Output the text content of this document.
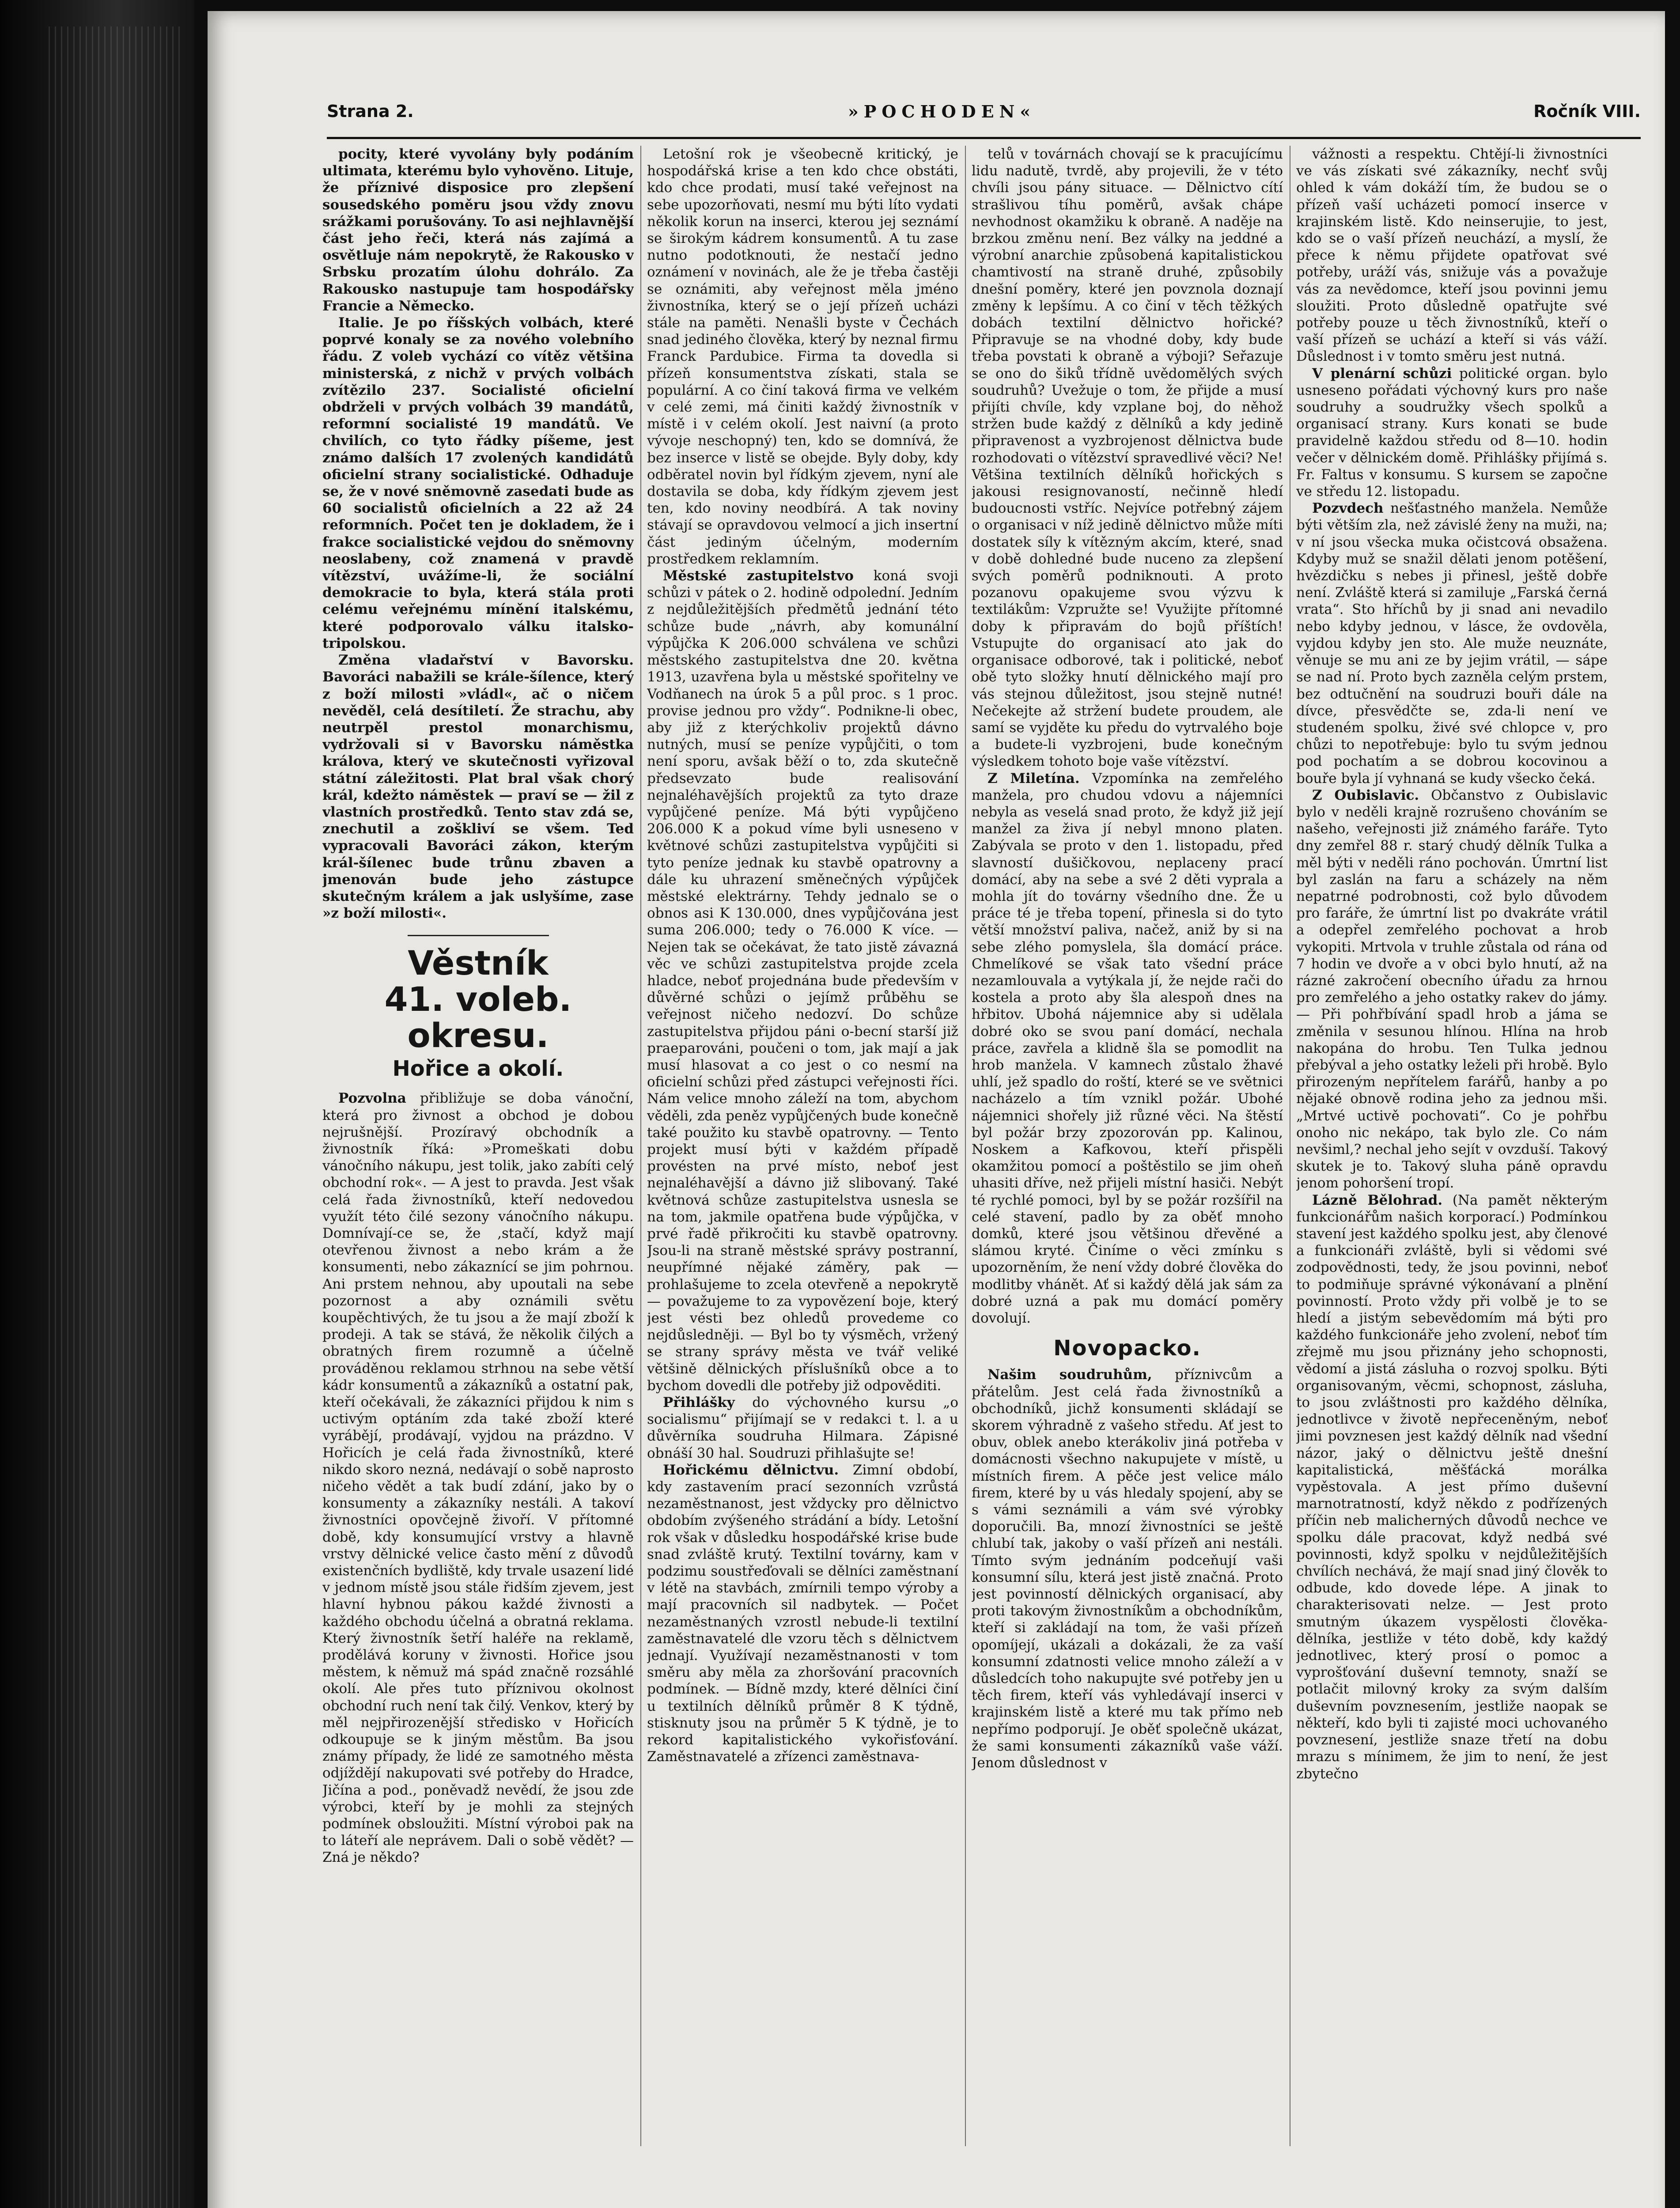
Strana 2.	»POCHODEN«	Ročník VIII.

pocity, které vyvolány byly podáním ultimata, kterému bylo vyhověno. Lituje, že příznivé disposice pro zlepšení sousedského poměru jsou vždy znovu srážkami porušovány. To asi nejhlavnější část jeho řeči, která nás zajímá a osvětluje nám nepokrytě, že Rakousko v Srbsku prozatím úlohu dohrálo. Za Rakousko nastupuje tam hospodářsky Francie a Německo.

Italie. Je po říšských volbách, které poprvé konaly se za nového volebního řádu. Z voleb vychází co vítěz většina ministerská, z nichž v prvých volbách zvítězilo 237. Socialisté oficielní obdrželi v prvých volbách 39 mandátů, reformní socialisté 19 mandátů. Ve chvilích, co tyto řádky píšeme, jest známo dalších 17 zvolených kandidátů oficielní strany socialistické. Odhaduje se, že v nové sněmovně zasedati bude as 60 socialistů oficielních a 22 až 24 reformních. Počet ten je dokladem, že i frakce socialistické vejdou do sněmovny neoslabeny, což znamená v pravdě vítězství, uvážíme-li, že sociální demokracie to byla, která stála proti celému veřejnému mínění italskému, které podporovalo válku italsko-tripolskou.

Změna vladařství v Bavorsku. Bavoráci nabažili se krále-šílence, který z boží milosti »vládl«, ač o ničem nevěděl, celá desítiletí. Že strachu, aby neutrpěl prestol monarchismu, vydržovali si v Bavorsku náměstka králova, který ve skutečnosti vyřizoval státní záležitosti. Plat bral však chorý král, kdežto náměstek — praví se — žil z vlastních prostředků. Tento stav zdá se, znechutil a zoškliví se všem. Teď vypracovali Bavoráci zákon, kterým král-šílenec bude trůnu zbaven a jmenován bude jeho zástupce skutečným králem a jak uslyšíme, zase »z boží milosti«.

Věstník
41. voleb. okresu.
Hořice a okolí.

Pozvolna přibližuje se doba vánoční, která pro živnost a obchod je dobou nejrušnější. Prozíravý obchodník a živnostník říká: »Promeškati dobu vánočního nákupu, jest tolik, jako zabíti celý obchodní rok«. — A jest to pravda. Jest však celá řada živnostníků, kteří nedovedou využít této čilé sezony vánočního nákupu. Domnívají-ce se, že ,stačí, když mají otevřenou živnost a nebo krám a že konsumenti, nebo zákaznící se jim pohrnou. Ani prstem nehnou, aby upoutali na sebe pozornost a aby oznámili světu koupěchtivých, že tu jsou a že mají zboží k prodeji. A tak se stává, že několik čilých a obratných firem rozumně a účelně prováděnou reklamou strhnou na sebe větší kádr konsumentů a zákazníků a ostatní pak, kteří očekávali, že zákazníci přijdou k nim s uctivým optáním zda také zboží které vyrábějí, prodávají, vyjdou na prázdno. V Hořicích je celá řada živnostníků, které nikdo skoro nezná, nedávají o sobě naprosto ničeho vědět a tak budí zdání, jako by o konsumenty a zákazníky nestáli. A takoví živnostníci opovčejně živoří. V přítomné době, kdy konsumující vrstvy a hlavně vrstvy dělnické velice často mění z důvodů existenčních bydliště, kdy trvale usazení lidé v jednom místě jsou stále řidším zjevem, jest hlavní hybnou pákou každé živnosti a každého obchodu účelná a obratná reklama. Který živnostník šetří haléře na reklamě, prodělává koruny v živnosti. Hořice jsou městem, k němuž má spád značně rozsáhlé okolí. Ale přes tuto příznivou okolnost obchodní ruch není tak čilý. Venkov, který by měl nejpřirozenější středisko v Hořicích odkoupuje se k jiným městům. Ba jsou známy případy, že lidé ze samotného města odjíždějí nakupovati své potřeby do Hradce, Jičína a pod., poněvadž nevědí, že jsou zde výrobci, kteří by je mohli za stejných podmínek obsloužiti. Místní výroboi pak na to láteří ale neprávem. Dali o sobě vědět? — Zná je někdo?

Letošní rok je všeobecně kritický, je hospodářská krise a ten kdo chce obstáti, kdo chce prodati, musí také veřejnost na sebe upozorňovati, nesmí mu býti líto vydati několik korun na inserci, kterou jej seznámí se širokým kádrem konsumentů. A tu zase nutno podotknouti, že nestačí jedno oznámení v novinách, ale že je třeba častěji se oznámiti, aby veřejnost měla jméno živnostníka, který se o její přízeň ucházi stále na paměti. Nenašli byste v Čechách snad jediného člověka, který by neznal firmu Franck Pardubice. Firma ta dovedla si přízeň konsumentstva získati, stala se populární. A co činí taková firma ve velkém v celé zemi, má činiti každý živnostník v místě i v celém okolí. Jest naivní (a proto vývoje neschopný) ten, kdo se domnívá, že bez inserce v listě se obejde. Byly doby, kdy odběratel novin byl řídkým zjevem, nyní ale dostavila se doba, kdy řídkým zjevem jest ten, kdo noviny neodbírá. A tak noviny stávají se opravdovou velmocí a jich insertní část jediným účelným, moderním prostředkem reklamním.

Městské zastupitelstvo koná svoji schůzi v pátek o 2. hodině odpolední. Jedním z nejdůležitějších předmětů jednání této schůze bude „návrh, aby komunální výpůjčka K 206.000 schválena ve schůzi městského zastupitelstva dne 20. května 1913, uzavřena byla u městské spořitelny ve Vodňanech na úrok 5 a půl proc. s 1 proc. provise jednou pro vždy“. Podnikne-li obec, aby již z kterýchkoliv projektů dávno nutných, musí se peníze vypůjčiti, o tom není sporu, avšak běží o to, zda skutečně předsevzato bude realisování nejnaléhavějších projektů za tyto draze vypůjčené peníze. Má býti vypůjčeno 206.000 K a pokud víme byli usneseno v květnové schůzi zastupitelstva vypůjčiti si tyto peníze jednak ku stavbě opatrovny a dále ku uhrazení směnečných výpůjček městské elektrárny. Tehdy jednalo se o obnos asi K 130.000, dnes vypůjčována jest suma 206.000; tedy o 76.000 K více. — Nejen tak se očekávat, že tato jistě závazná věc ve schůzi zastupitelstva projde zcela hladce, neboť projednána bude především v důvěrné schůzi o jejímž průběhu se veřejnost ničeho nedozví. Do schůze zastupitelstva přijdou páni o-becní starší již praeparováni, poučeni o tom, jak mají a jak musí hlasovat a co jest o co nesmí na oficielní schůzi před zástupci veřejnosti říci. Nám velice mnoho záleží na tom, abychom věděli, zda peněz vypůjčených bude konečně také použito ku stavbě opatrovny. — Tento projekt musí býti v každém případě provésten na prvé místo, neboť jest nejnaléhavější a dávno již slibovaný. Také květnová schůze zastupitelstva usnesla se na tom, jakmile opatřena bude výpůjčka, v prvé řadě přikročiti ku stavbě opatrovny. Jsou-li na straně městské správy postranní, neupřímné nějaké záměry, pak — prohlašujeme to zcela otevřeně a nepokrytě — považujeme to za vypovězení boje, který jest vésti bez ohledů provedeme co nejdůsledněji. — Byl bo ty výsměch, vržený se strany správy města ve tvář veliké většině dělnických příslušníků obce a to bychom dovedli dle potřeby již odpověditi.

Přihlášky do výchovného kursu „o socialismu“ přijímají se v redakci t. l. a u důvěrníka soudruha Hilmara. Zápisné obnáší 30 hal. Soudruzi přihlašujte se!

Hořickému dělnictvu. Zimní období, kdy zastavením prací sezonních vzrůstá nezaměstnanost, jest vždycky pro dělnictvo obdobím zvýšeného strádání a bídy. Letošní rok však v důsledku hospodářské krise bude snad zvláště krutý. Textilní továrny, kam v podzimu soustřeďovali se dělníci zaměstnaní v létě na stavbách, zmírnili tempo výroby a mají pracovních sil nadbytek. — Počet nezaměstnaných vzrostl nebude-li textilní zaměstnavatelé dle vzoru těch s dělnictvem jednají. Využívají nezaměstnanosti v tom směru aby měla za zhoršování pracovních podmínek. — Bídně mzdy, které dělníci činí u textilních dělníků průměr 8 K týdně, stisknuty jsou na průměr 5 K týdně, je to rekord kapitalistického vykořisťování. Zaměstnavatelé a zřízenci zaměstnava-

telů v továrnách chovají se k pracujícímu lidu nadutě, tvrdě, aby projevili, že v této chvíli jsou pány situace. — Dělnictvo cítí strašlivou tíhu poměrů, avšak chápe nevhodnost okamžiku k obraně. A naděje na brzkou změnu není. Bez války na jeddné a výrobní anarchie způsobená kapitalistickou chamtivostí na straně druhé, způsobily dnešní poměry, které jen povznola doznají změny k lepšímu. A co činí v těch těžkých dobách textilní dělnictvo hořické? Připravuje se na vhodné doby, kdy bude třeba povstati k obraně a výboji? Seřazuje se ono do šiků třídně uvědomělých svých soudruhů? Uvežuje o tom, že přijde a musí přijíti chvíle, kdy vzplane boj, do něhož stržen bude každý z dělníků a kdy jedině připravenost a vyzbrojenost dělnictva bude rozhodovati o vítězství spravedlivé věci? Ne! Většina textilních dělníků hořických s jakousi resignovaností, nečinně hledí budoucnosti vstříc. Nejvíce potřebný zájem o organisaci v níž jedině dělnictvo může míti dostatek síly k vítězným akcím, které, snad v době dohledné bude nuceno za zlepšení svých poměrů podniknouti. A proto pozanovu opakujeme svou výzvu k textilákům: Vzpružte se! Využijte přítomné doby k připravám do bojů příštích! Vstupujte do organisací ato jak do organisace odborové, tak i politické, neboť obě tyto složky hnutí dělnického mají pro vás stejnou důležitost, jsou stejně nutné! Nečekejte až stržení budete proudem, ale samí se vyjděte ku předu do vytrvalého boje a budete-li vyzbrojeni, bude konečným výsledkem tohoto boje vaše vítězství.

Z Miletína. Vzpomínka na zemřelého manžela, pro chudou vdovu a nájemníci nebyla as veselá snad proto, že když již její manžel za živa jí nebyl mnono platen. Zabývala se proto v den 1. listopadu, před slavností dušičkovou, neplaceny prací domácí, aby na sebe a své 2 děti vyprala a mohla jít do továrny všedního dne. Že u práce té je třeba topení, přinesla si do tyto větší množství paliva, načež, aniž by si na sebe zlého pomyslela, šla domácí práce. Chmelíkové se však tato všední práce nezamlouvala a vytýkala jí, že nejde rači do kostela a proto aby šla alespoň dnes na hřbitov. Ubohá nájemnice aby si udělala dobré oko se svou paní domácí, nechala práce, zavřela a klidně šla se pomodlit na hrob manžela. V kamnech zůstalo žhavé uhlí, jež spadlo do roští, které se ve světnici nacházelo a tím vznikl požár. Ubohé nájemnici shořely již různé věci. Na štěstí byl požár brzy zpozorován pp. Kalinou, Noskem a Kafkovou, kteří přispěli okamžitou pomocí a poštěstilo se jim oheň uhasiti dříve, než přijeli místní hasiči. Nebýt té rychlé pomoci, byl by se požár rozšířil na celé stavení, padlo by za oběť mnoho domků, které jsou většinou dřevěné a slámou kryté. Činíme o věci zmínku s upozorněním, že není vždy dobré člověka do modlitby vhánět. Ať si každý dělá jak sám za dobré uzná a pak mu domácí poměry dovolují.

Novopacko.

Našim soudruhům, příznivcům a přátelům. Jest celá řada živnostníků a obchodníků, jichž konsumenti skládají se skorem výhradně z vašeho středu. Ať jest to obuv, oblek anebo kterákoliv jiná potřeba v domácnosti všechno nakupujete v místě, u místních firem. A pěče jest velice málo firem, které by u vás hledaly spojení, aby se s vámi seznámili a vám své výrobky doporučili. Ba, mnozí živnostníci se ještě chlubí tak, jakoby o vaší přízeň ani nestáli. Tímto svým jednáním podceňují vaši konsumní sílu, která jest jistě značná. Proto jest povinností dělnických organisací, aby proti takovým živnostníkům a obchodníkům, kteří si zakládají na tom, že vaši přízeň opomíjejí, ukázali a dokázali, že za vaší konsumní zdatnosti velice mnoho záleží a v důsledcích toho nakupujte své potřeby jen u těch firem, kteří vás vyhledávají inserci v krajinském listě a které mu tak přímo neb nepřímo podporují. Je oběť společně ukázat, že sami konsumenti zákazníků vaše váží. Jenom důslednost v

vážnosti a respektu. Chtějí-li živnostníci ve vás získati své zákazníky, nechť svůj ohled k vám dokáží tím, že budou se o přízeň vaší ucházeti pomocí inserce v krajinském listě. Kdo neinserujie, to jest, kdo se o vaší přízeň neuchází, a myslí, že přece k němu přijdete opatřovat své potřeby, uráží vás, snižuje vás a považuje vás za nevědomce, kteří jsou povinni jemu sloužiti. Proto důsledně opatřujte své potřeby pouze u těch živnostníků, kteří o vaší přízeň se uchází a kteří si vás váží. Důslednost i v tomto směru jest nutná.

V plenární schůzi politické organ. bylo usneseno pořádati výchovný kurs pro naše soudruhy a soudružky všech spolků a organisací strany. Kurs konati se bude pravidelně každou středu od 8—10. hodin večer v dělnickém domě. Přihlášky přijímá s. Fr. Faltus v konsumu. S kursem se započne ve středu 12. listopadu.

Pozvdech nešťastného manžela. Nemůže býti větším zla, než závislé ženy na muži, na; v ní jsou všecka muka očistcová obsažena. Kdyby muž se snažil dělati jenom potěšení, hvězdičku s nebes ji přinesl, ještě dobře není. Zvláště která si zamiluje „Farská černá vrata“. Sto hříchů by ji snad ani nevadilo nebo kdyby jednou, v lásce, že ovdověla, vyjdou kdyby jen sto. Ale muže neuznáte, věnuje se mu ani ze by jejim vrátil, — sápe se nad ní. Proto bych zazněla celým prstem, bez odtučnění na soudruzi bouři dále na dívce, přesvědčte se, zda-li není ve studeném spolku, živé své chlopce v, pro chůzi to nepotřebuje: bylo tu svým jednou pod pochatím a se dobrou kocovinou a bouře byla jí vyhnaná se kudy všecko čeká.

Z Oubislavic. Občanstvo z Oubislavic bylo v neděli krajně rozrušeno chováním se našeho, veřejnosti již známého faráře. Tyto dny zemřel 88 r. starý chudý dělník Tulka a měl býti v neděli ráno pochován. Úmrtní list byl zaslán na faru a scházely na něm nepatrné podrobnosti, což bylo důvodem pro faráře, že úmrtní list po dvakráte vrátil a odepřel zemřelého pochovat a hrob vykopiti. Mrtvola v truhle zůstala od rána od 7 hodin ve dvoře a v obci bylo hnutí, až na rázné zakročení obecního úřadu za hrnou pro zemřelého a jeho ostatky rakev do jámy. — Při pohřbívání spadl hrob a jáma se změnila v sesunou hlínou. Hlína na hrob nakopána do hrobu. Ten Tulka jednou přebýval a jeho ostatky leželi při hrobě. Bylo přirozeným nepřítelem farářů, hanby a po nějaké obnově rodina jeho za jednou mši. „Mrtvé uctivě pochovati“. Co je pohřbu onoho nic nekápo, tak bylo zle. Co nám nevšiml,? nechal jeho sejít v ovzduší. Takový skutek je to. Takový sluha páně opravdu jenom pohoršení tropí.

Lázně Bělohrad. (Na pamět některým funkcionářům našich korporací.) Podmínkou stavení jest každého spolku jest, aby členové a funkcionáři zvláště, byli si vědomi své zodpovědnosti, tedy, že jsou povinni, neboť to podmiňuje správné výkonávaní a plnění povinností. Proto vždy při volbě je to se hledí a jistým sebevědomím má býti pro každého funkcionáře jeho zvolení, neboť tím zřejmě mu jsou přiznány jeho schopnosti, vědomí a jistá zásluha o rozvoj spolku. Býti organisovaným, věcmi, schopnost, zásluha, to jsou zvláštnosti pro každého dělníka, jednotlivce v životě nepřeceněným, neboť jimi povznesen jest každý dělník nad všední názor, jaký o dělnictvu ještě dnešní kapitalistická, měšťácká morálka vypěstovala. A jest přímo duševní marnotratností, když někdo z podřízených příčin neb malicherných důvodů nechce ve spolku dále pracovat, když nedbá své povinnosti, když spolku v nejdůležitějších chvílích nechává, že mají snad jiný člověk to odbude, kdo dovede lépe. A jinak to charakterisovati nelze. — Jest proto smutným úkazem vyspělosti člověka-dělníka, jestliže v této době, kdy každý jednotlivec, který prosí o pomoc a vyprošťování duševní temnoty, snaží se potlačit milovný kroky za svým dalším duševním povznesením, jestliže naopak se někteří, kdo byli ti zajisté moci uchovaného povznesení, jestliže snaze třetí na dobu mrazu s mínimem, že jim to není, že jest zbytečno
